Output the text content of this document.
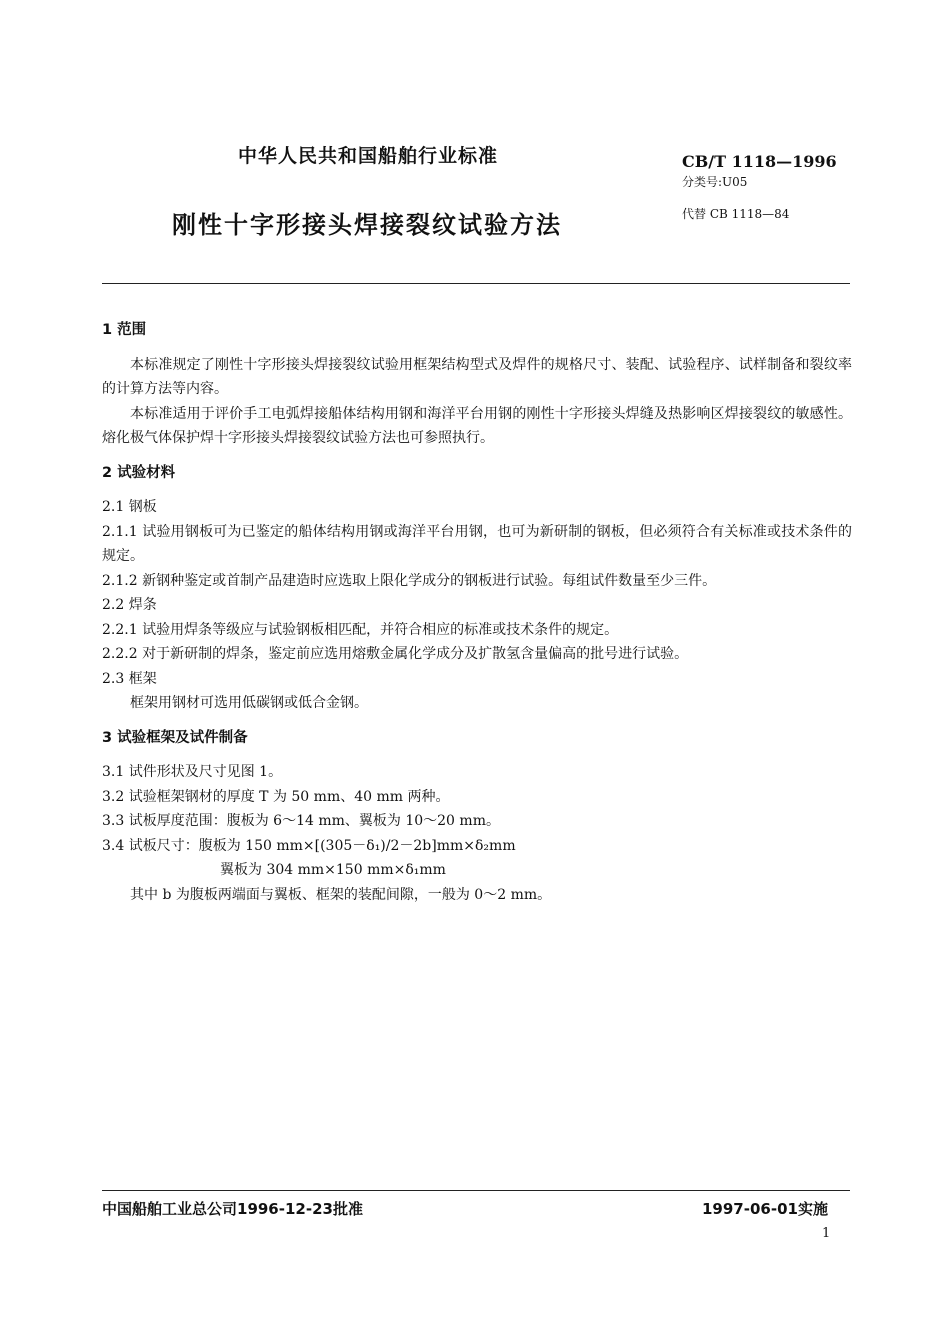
中华人民共和国船舶行业标准
刚性十字形接头焊接裂纹试验方法
CB/T 1118—1996
分类号:U05
代替 CB 1118—84
1 范围
本标准规定了刚性十字形接头焊接裂纹试验用框架结构型式及焊件的规格尺寸、装配、试验程序、试样制备和裂纹率的计算方法等内容。
本标准适用于评价手工电弧焊接船体结构用钢和海洋平台用钢的刚性十字形接头焊缝及热影响区焊接裂纹的敏感性。熔化极气体保护焊十字形接头焊接裂纹试验方法也可参照执行。
2 试验材料
2.1 钢板
2.1.1 试验用钢板可为已鉴定的船体结构用钢或海洋平台用钢，也可为新研制的钢板，但必须符合有关标准或技术条件的规定。
2.1.2 新钢种鉴定或首制产品建造时应选取上限化学成分的钢板进行试验。每组试件数量至少三件。
2.2 焊条
2.2.1 试验用焊条等级应与试验钢板相匹配，并符合相应的标准或技术条件的规定。
2.2.2 对于新研制的焊条，鉴定前应选用熔敷金属化学成分及扩散氢含量偏高的批号进行试验。
2.3 框架
框架用钢材可选用低碳钢或低合金钢。
3 试验框架及试件制备
3.1 试件形状及尺寸见图 1。
3.2 试验框架钢材的厚度 T 为 50 mm、40 mm 两种。
3.3 试板厚度范围：腹板为 6～14 mm、翼板为 10～20 mm。
3.4 试板尺寸：腹板为 150 mm×[(305－δ₁)/2－2b]mm×δ₂mm
翼板为 304 mm×150 mm×δ₁mm
其中 b 为腹板两端面与翼板、框架的装配间隙，一般为 0～2 mm。
中国船舶工业总公司1996-12-23批准	1997-06-01实施
1
